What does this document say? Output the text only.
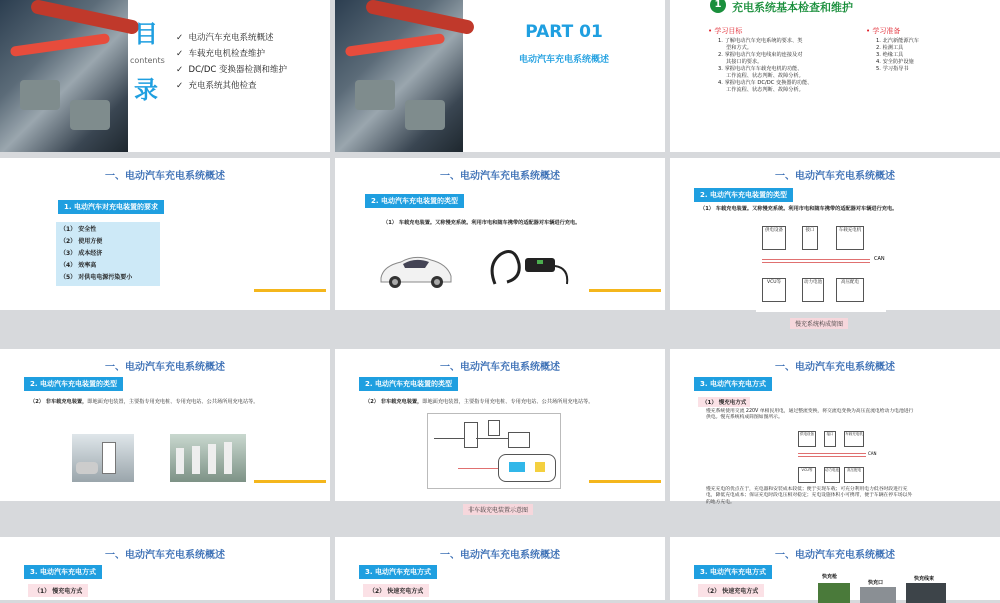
目
contents
录
✓ 电动汽车充电系统概述
✓ 车载充电机检查维护
✓ DC/DC 变换器检测和维护
✓ 充电系统其他检查
PART 01
电动汽车充电系统概述
1 充电系统基本检查和维护
• 学习目标
1. 了解电动汽车充电系统的要求、类
型和方式。
2. 掌握电动汽车充电线束的连接及对
其接口的要求。
3. 掌握电动汽车车载充电机的功能、
工作流程、状态判断、故障分析。
4. 掌握电动汽车 DC/DC 变换器的功能、
工作流程、状态判断、故障分析。
• 学习准备
1. 北汽新能源汽车
2. 检测工具
3. 绝缘工具
4. 安全防护设施
5. 学习指导书
一、电动汽车充电系统概述
1. 电动汽车对充电装置的要求
（1） 安全性
（2） 使用方便
（3） 成本经济
（4） 效率高
（5） 对供电电源污染要小
一、电动汽车充电系统概述
2. 电动汽车充电装置的类型
（1） 车载充电装置。又称慢充系统。利用市电和随车携带的适配器对车辆进行充电。
一、电动汽车充电系统概述
2. 电动汽车充电装置的类型
（1） 车载充电装置。又称慢充系统。利用市电和随车携带的适配器对车辆进行充电。
供电设备	接口	车载充电机
CAN
VCU等	动力电池	高压配电
慢充系统构成简图
一、电动汽车充电系统概述
2. 电动汽车充电装置的类型
（2） 非车载充电装置，即地面充电装置，主要指专用充电桩、专用充电站、公共场所用充电站等。
一、电动汽车充电系统概述
2. 电动汽车充电装置的类型
（2） 非车载充电装置，即地面充电装置，主要指专用充电桩、专用充电站、公共场所用充电站等。
非车载充电装置示意图
一、电动汽车充电系统概述
3. 电动汽车充电方式
（1） 慢充电方式
慢充系统使用交流 220V 单相民用电，通过整流变换，将交流电变换为高压直流电给动力电池进行
供电。慢充系统构成简图如图所示。
供电设备	接口	车载充电机
CAN
VCU等	动力电池	高压配电
慢充充电的优点在于，充电器和安装成本较低；便于实现车载；可充分利用电力低谷时段进行充
电，降低充电成本；保证充电时段电压相对稳定；充电设施体积小可携带，便于车辆在停车场以外
的地方充电。
一、电动汽车充电系统概述
3. 电动汽车充电方式
（1） 慢充电方式
一、电动汽车充电系统概述
3. 电动汽车充电方式
（2） 快速充电方式
一、电动汽车充电系统概述
3. 电动汽车充电方式
（2） 快速充电方式
快充枪
快充口
快充线束
